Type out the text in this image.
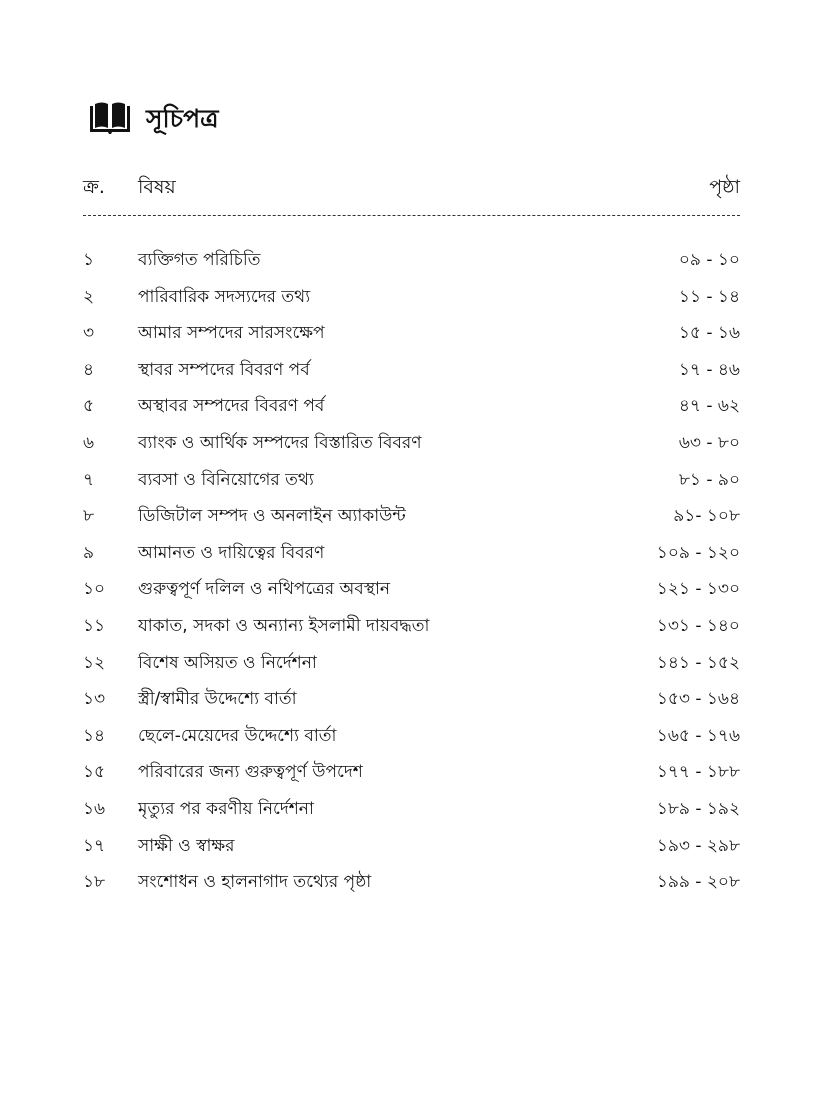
সূচিপত্র
ক্র. বিষয়	পৃষ্ঠা
১	ব্যক্তিগত পরিচিতি	০৯ - ১০
২	পারিবারিক সদস্যদের তথ্য	১১ - ১৪
৩	আমার সম্পদের সারসংক্ষেপ	১৫ - ১৬
৪	স্থাবর সম্পদের বিবরণ পর্ব	১৭ - ৪৬
৫	অস্থাবর সম্পদের বিবরণ পর্ব	৪৭ - ৬২
৬	ব্যাংক ও আর্থিক সম্পদের বিস্তারিত বিবরণ	৬৩ - ৮০
৭	ব্যবসা ও বিনিয়োগের তথ্য	৮১ - ৯০
৮	ডিজিটাল সম্পদ ও অনলাইন অ্যাকাউন্ট	৯১- ১০৮
৯	আমানত ও দায়িত্বের বিবরণ	১০৯ - ১২০
১০ গুরুত্বপূর্ণ দলিল ও নথিপত্রের অবস্থান	১২১ - ১৩০
১১ যাকাত, সদকা ও অন্যান্য ইসলামী দায়বদ্ধতা	১৩১ - ১৪০
১২ বিশেষ অসিয়ত ও নির্দেশনা	১৪১ - ১৫২
১৩ স্ত্রী/স্বামীর উদ্দেশ্যে বার্তা	১৫৩ - ১৬৪
১৪ ছেলে-মেয়েদের উদ্দেশ্যে বার্তা	১৬৫ - ১৭৬
১৫ পরিবারের জন্য গুরুত্বপূর্ণ উপদেশ	১৭৭ - ১৮৮
১৬ মৃত্যুর পর করণীয় নির্দেশনা	১৮৯ - ১৯২
১৭ সাক্ষী ও স্বাক্ষর	১৯৩ - ২৯৮
১৮ সংশোধন ও হালনাগাদ তথ্যের পৃষ্ঠা	১৯৯ - ২০৮
